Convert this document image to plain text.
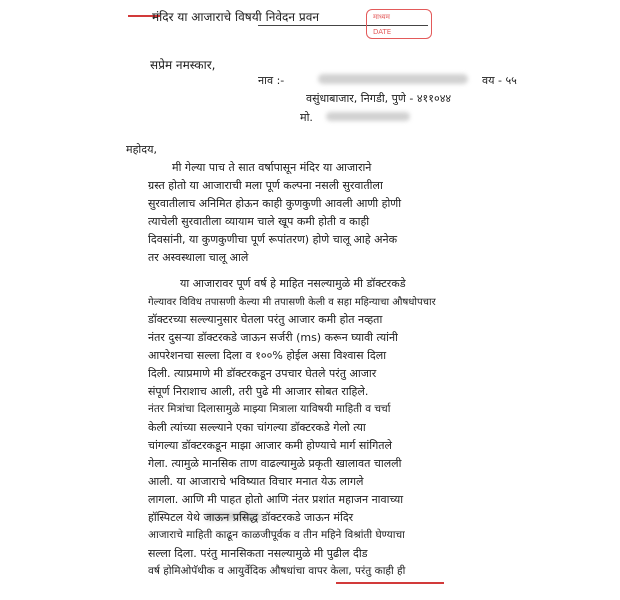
मंदिर या आजाराचे विषयी निवेदन प्रवन	माध्यम
DATE
सप्रेम नमस्कार,
नाव :-	वय - ५५
वसुंधाबाजार, निगडी, पुणे - ४११०४४
मो.
महोदय,
मी गेल्या पाच ते सात वर्षापासून मंदिर या आजाराने
ग्रस्त होतो या आजाराची मला पूर्ण कल्पना नसली सुरवातीला
सुरवातीलाच अनिमित होऊन काही कुणकुणी आवली आणी होणी
त्याचेली सुरवातीला व्यायाम चाले खूप कमी होती व काही
दिवसांनी, या कुणकुणीचा पूर्ण रूपांतरण) होणे चालू आहे अनेक
तर अस्वस्थाला चालू आले
या आजारावर पूर्ण वर्ष हे माहित नसल्यामुळे मी डॉक्टरकडे
गेल्यावर विविध तपासणी केल्या मी तपासणी केली व सहा महिन्याचा औषधोपचार
डॉक्टरच्या सल्ल्यानुसार घेतला परंतु आजार कमी होत नव्हता
नंतर दुसऱ्या डॉक्टरकडे जाऊन सर्जरी (ms) करून घ्यावी त्यांनी
आपरेशनचा सल्ला दिला व १००% होईल असा विश्वास दिला
दिली. त्याप्रमाणे मी डॉक्टरकडून उपचार घेतले परंतु आजार
संपूर्ण निराशाच आली, तरी पुढे मी आजार सोबत राहिले.
नंतर मित्रांचा दिलासामुळे माझ्या मित्राला याविषयी माहिती व चर्चा
केली त्यांच्या सल्ल्याने एका चांगल्या डॉक्टरकडे गेलो त्या
चांगल्या डॉक्टरकडून माझा आजार कमी होण्याचे मार्ग सांगितले
गेला. त्यामुळे मानसिक ताण वाढल्यामुळे प्रकृती खालावत चालली
आली. या आजाराचे भविष्यात विचार मनात येऊ लागले
लागला. आणि मी पाहत होतो आणि नंतर प्रशांत महाजन नावाच्या
हॉस्पिटल येथे जाऊन प्रसिद्ध डॉक्टरकडे जाऊन मंदिर
आजाराचे माहिती काढून काळजीपूर्वक व तीन महिने विश्रांती घेण्याचा
सल्ला दिला. परंतु मानसिकता नसल्यामुळे मी पुढील दीड
वर्ष होमिओपॅथीक व आयुर्वेदिक औषधांचा वापर केला, परंतु काही ही
